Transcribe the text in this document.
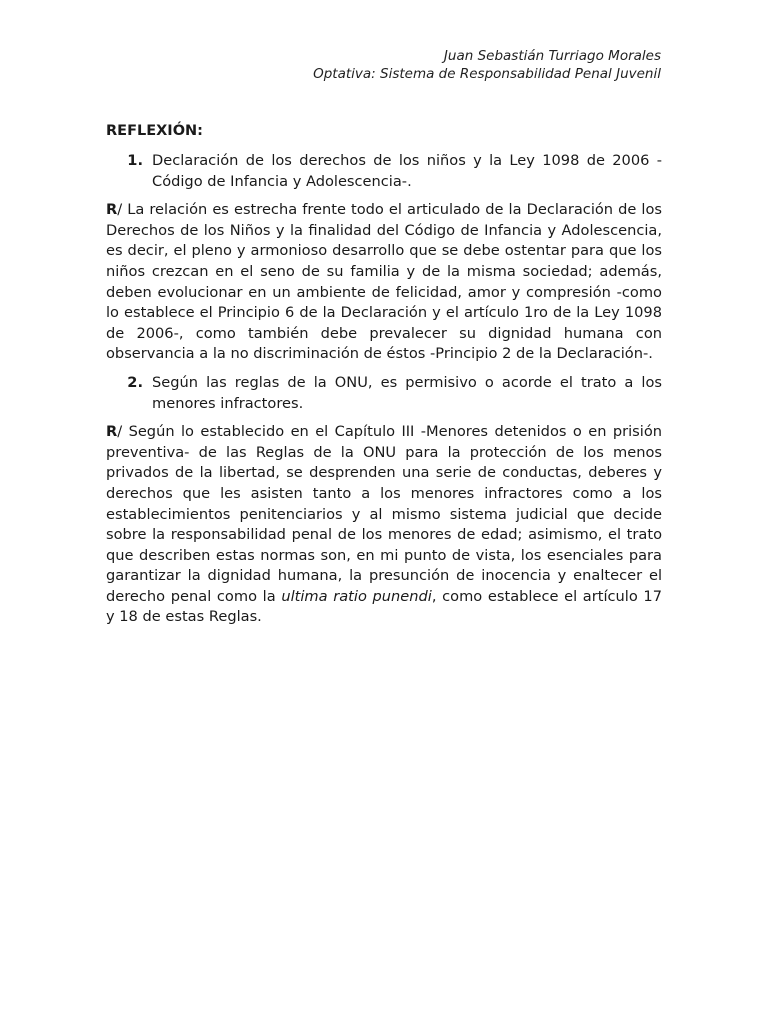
Juan Sebastián Turriago Morales
Optativa: Sistema de Responsabilidad Penal Juvenil
REFLEXIÓN:
1. Declaración de los derechos de los niños y la Ley 1098 de 2006 -Código de Infancia y Adolescencia-.

R/ La relación es estrecha frente todo el articulado de la Declaración de los Derechos de los Niños y la finalidad del Código de Infancia y Adolescencia, es decir, el pleno y armonioso desarrollo que se debe ostentar para que los niños crezcan en el seno de su familia y de la misma sociedad; además, deben evolucionar en un ambiente de felicidad, amor y compresión -como lo establece el Principio 6 de la Declaración y el artículo 1ro de la Ley 1098 de 2006-, como también debe prevalecer su dignidad humana con observancia a la no discriminación de éstos -Principio 2 de la Declaración-.

2. Según las reglas de la ONU, es permisivo o acorde el trato a los menores infractores.

R/ Según lo establecido en el Capítulo III -Menores detenidos o en prisión preventiva- de las Reglas de la ONU para la protección de los menos privados de la libertad, se desprenden una serie de conductas, deberes y derechos que les asisten tanto a los menores infractores como a los establecimientos penitenciarios y al mismo sistema judicial que decide sobre la responsabilidad penal de los menores de edad; asimismo, el trato que describen estas normas son, en mi punto de vista, los esenciales para garantizar la dignidad humana, la presunción de inocencia y enaltecer el derecho penal como la ultima ratio punendi, como establece el artículo 17 y 18 de estas Reglas.
